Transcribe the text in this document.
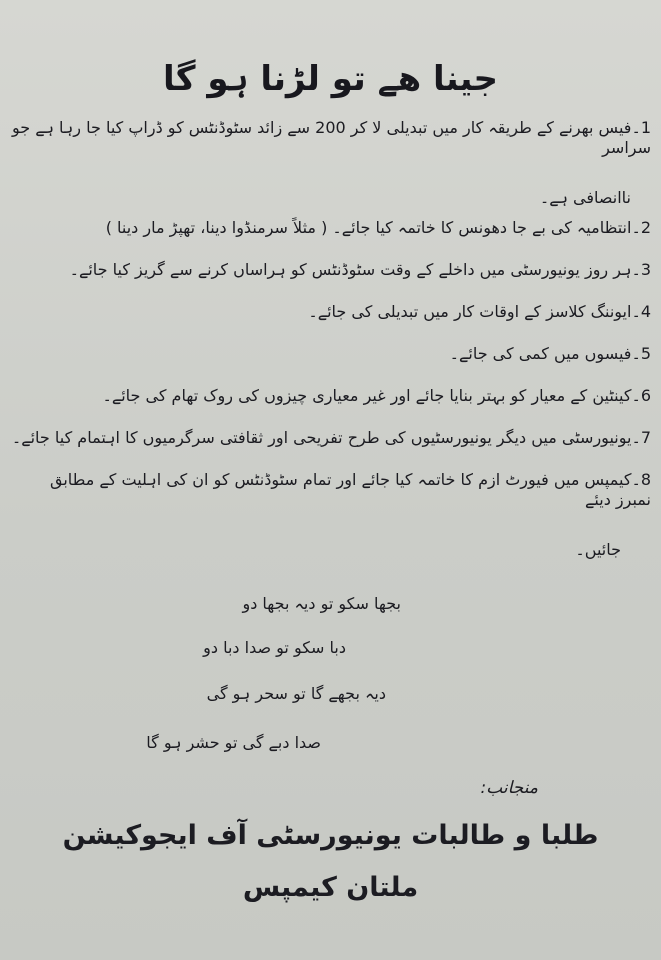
جینا ھے تو لڑنا ہو گا
1۔فیس بھرنے کے طریقہ کار میں تبدیلی لا کر 200 سے زائد سٹوڈنٹس کو ڈراپ کیا جا رہا ہے جو سراسر
ناانصافی ہے۔
2۔انتظامیہ کی بے جا دھونس کا خاتمہ کیا جائے۔ ( مثلاً سرمنڈوا دینا، تھپڑ مار دینا )
3۔ہر روز یونیورسٹی میں داخلے کے وقت سٹوڈنٹس کو ہراساں کرنے سے گریز کیا جائے۔
4۔ایوننگ کلاسز کے اوقات کار میں تبدیلی کی جائے۔
5۔فیسوں میں کمی کی جائے۔
6۔کینٹین کے معیار کو بہتر بنایا جائے اور غیر معیاری چیزوں کی روک تھام کی جائے۔
7۔یونیورسٹی میں دیگر یونیورسٹیوں کی طرح تفریحی اور ثقافتی سرگرمیوں کا اہتمام کیا جائے۔
8۔کیمپس میں فیورٹ ازم کا خاتمہ کیا جائے اور تمام سٹوڈنٹس کو ان کی اہلیت کے مطابق نمبرز دیئے
جائیں۔
بجھا سکو تو دیہ بجھا دو
دبا سکو تو صدا دبا دو
دیہ بجھے گا تو سحر ہو گی
صدا دبے گی تو حشر ہو گا
منجانب:
طلبا و طالبات یونیورسٹی آف ایجوکیشن
ملتان کیمپس
